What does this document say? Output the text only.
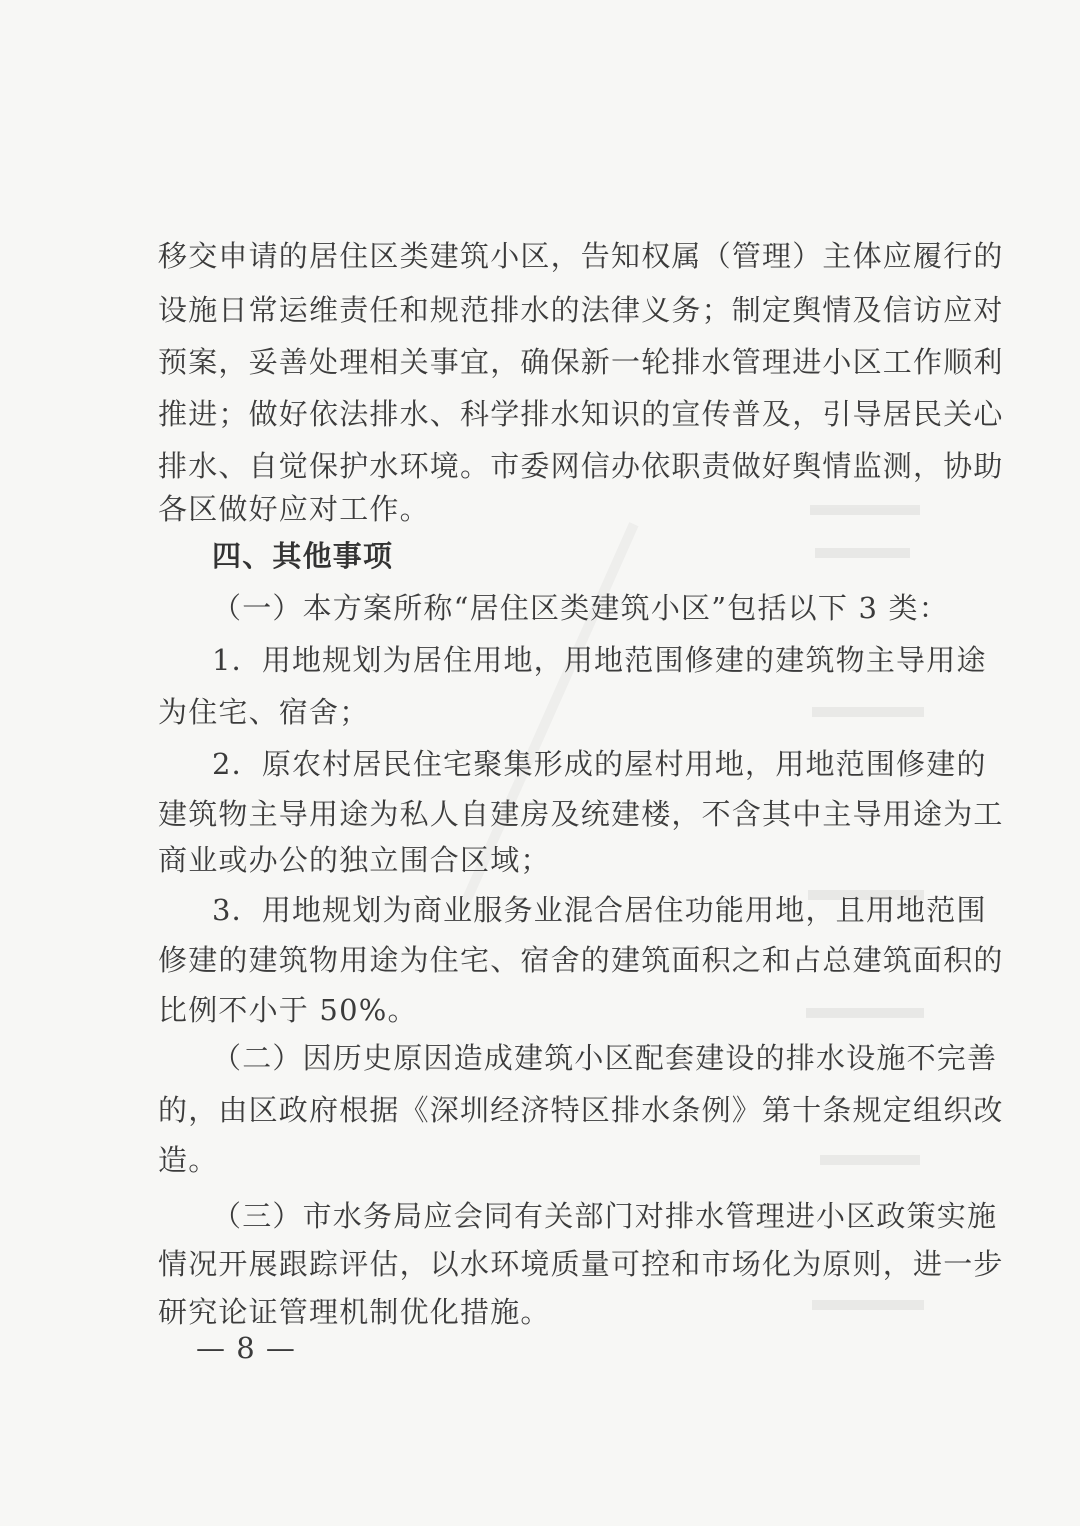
移交申请的居住区类建筑小区，告知权属（管理）主体应履行的
设施日常运维责任和规范排水的法律义务；制定舆情及信访应对
预案，妥善处理相关事宜，确保新一轮排水管理进小区工作顺利
推进；做好依法排水、科学排水知识的宣传普及，引导居民关心
排水、自觉保护水环境。市委网信办依职责做好舆情监测，协助
各区做好应对工作。
四、其他事项
（一）本方案所称“居住区类建筑小区”包括以下 3 类：
1．用地规划为居住用地，用地范围修建的建筑物主导用途
为住宅、宿舍；
2．原农村居民住宅聚集形成的屋村用地，用地范围修建的
建筑物主导用途为私人自建房及统建楼，不含其中主导用途为工
商业或办公的独立围合区域；
3．用地规划为商业服务业混合居住功能用地，且用地范围
修建的建筑物用途为住宅、宿舍的建筑面积之和占总建筑面积的
比例不小于 50%。
（二）因历史原因造成建筑小区配套建设的排水设施不完善
的，由区政府根据《深圳经济特区排水条例》第十条规定组织改
造。
（三）市水务局应会同有关部门对排水管理进小区政策实施
情况开展跟踪评估，以水环境质量可控和市场化为原则，进一步
研究论证管理机制优化措施。
— 8 —
